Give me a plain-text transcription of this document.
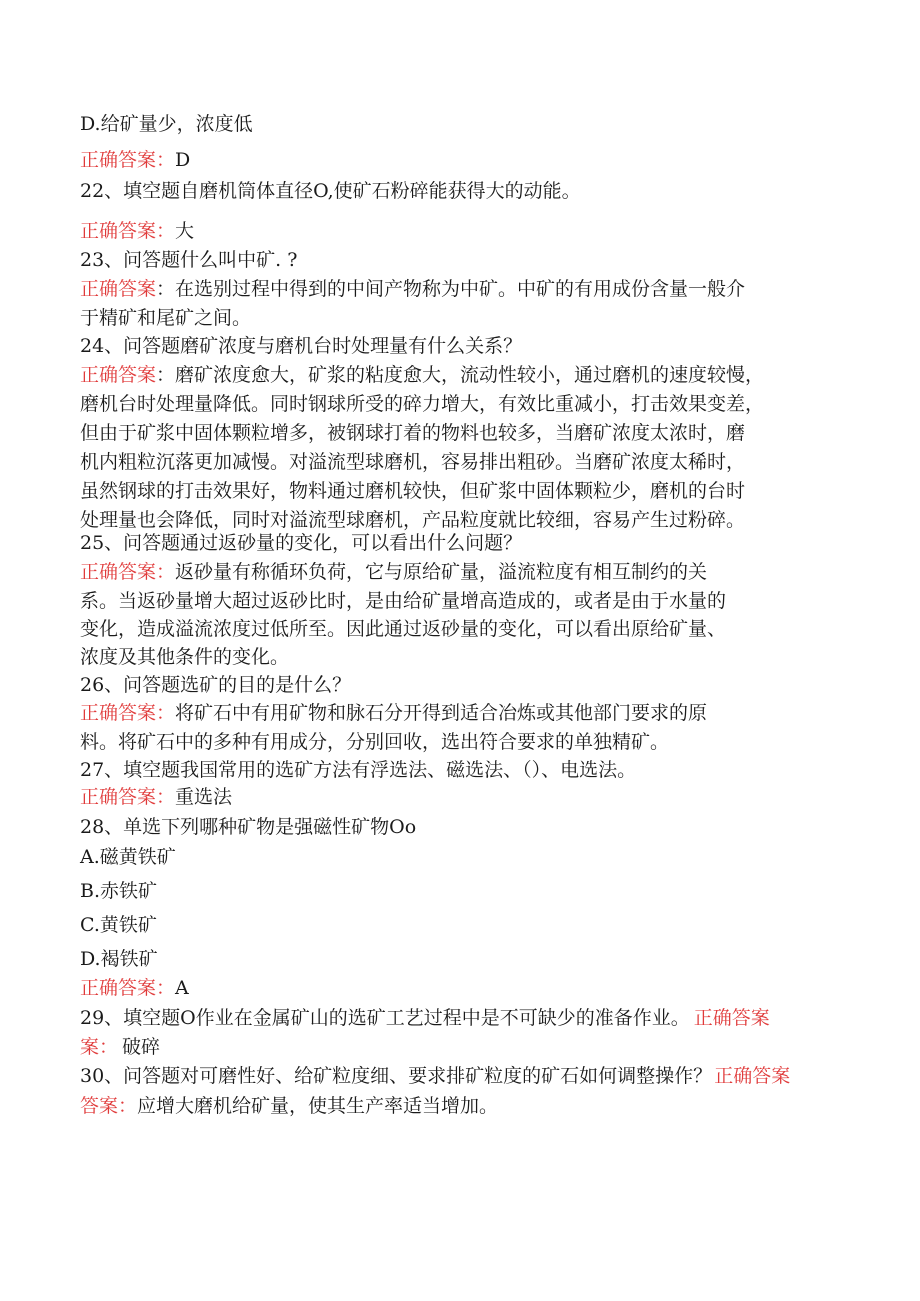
D.给矿量少，浓度低

正确答案：D

22、填空题自磨机筒体直径O,使矿石粉碎能获得大的动能。

正确答案：大

23、问答题什么叫中矿. ?

正确答案：在选别过程中得到的中间产物称为中矿。中矿的有用成份含量一般介

于精矿和尾矿之间。

24、问答题磨矿浓度与磨机台时处理量有什么关系？

正确答案：磨矿浓度愈大，矿浆的粘度愈大，流动性较小，通过磨机的速度较慢，

磨机台时处理量降低。同时钢球所受的碎力增大，有效比重减小，打击效果变差，

但由于矿浆中固体颗粒增多，被钢球打着的物料也较多，当磨矿浓度太浓时，磨

机内粗粒沉落更加减慢。对溢流型球磨机，容易排出粗砂。当磨矿浓度太稀时，

虽然钢球的打击效果好，物料通过磨机较快，但矿浆中固体颗粒少，磨机的台时

处理量也会降低，同时对溢流型球磨机，产品粒度就比较细，容易产生过粉碎。

25、问答题通过返砂量的变化，可以看出什么问题？

正确答案：返砂量有称循环负荷，它与原给矿量，溢流粒度有相互制约的关

系。当返砂量增大超过返砂比时，是由给矿量增高造成的，或者是由于水量的

变化，造成溢流浓度过低所至。因此通过返砂量的变化，可以看出原给矿量、

浓度及其他条件的变化。

26、问答题选矿的目的是什么？

正确答案：将矿石中有用矿物和脉石分开得到适合冶炼或其他部门要求的原

料。将矿石中的多种有用成分，分别回收，选出符合要求的单独精矿。

27、填空题我国常用的选矿方法有浮选法、磁选法、（）、电选法。

正确答案：重选法

28、单选下列哪种矿物是强磁性矿物Oo

A.磁黄铁矿

B.赤铁矿

C.黄铁矿

D.褐铁矿

正确答案：A

29、填空题O作业在金属矿山的选矿工艺过程中是不可缺少的准备作业。 正确答案

案： 破碎

30、问答题对可磨性好、给矿粒度细、要求排矿粒度的矿石如何调整操作？ 正确答案

答案：应增大磨机给矿量，使其生产率适当增加。
